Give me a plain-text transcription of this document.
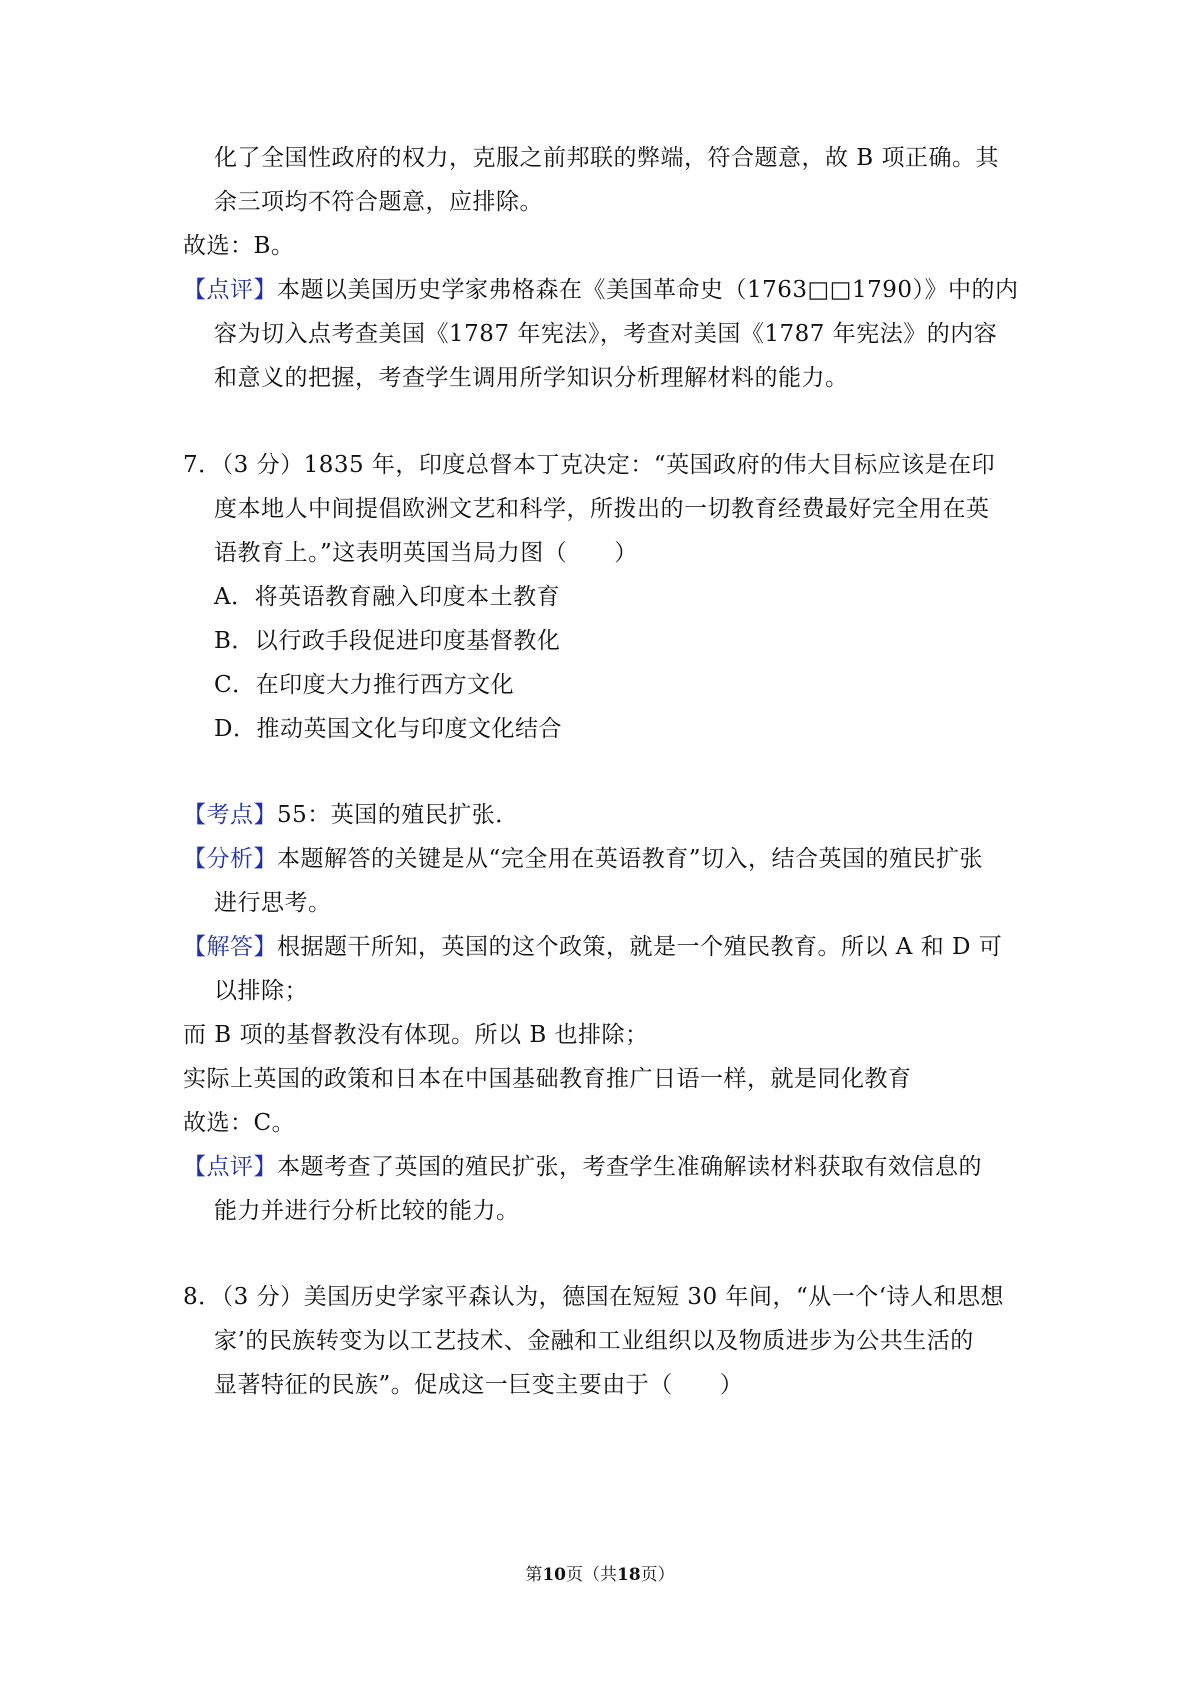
化了全国性政府的权力，克服之前邦联的弊端，符合题意，故 B 项正确。其
余三项均不符合题意，应排除。
故选：B。
【点评】本题以美国历史学家弗格森在《美国革命史（1763□□1790）》中的内
容为切入点考查美国《1787 年宪法》，考查对美国《1787 年宪法》的内容
和意义的把握，考查学生调用所学知识分析理解材料的能力。
7．（3 分）1835 年，印度总督本丁克决定：“英国政府的伟大目标应该是在印
度本地人中间提倡欧洲文艺和科学，所拨出的一切教育经费最好完全用在英
语教育上。”这表明英国当局力图（　　）
A．将英语教育融入印度本土教育
B．以行政手段促进印度基督教化
C．在印度大力推行西方文化
D．推动英国文化与印度文化结合
【考点】55：英国的殖民扩张．
【分析】本题解答的关键是从“完全用在英语教育”切入，结合英国的殖民扩张
进行思考。
【解答】根据题干所知，英国的这个政策，就是一个殖民教育。所以 A 和 D 可
以排除；
而 B 项的基督教没有体现。所以 B 也排除；
实际上英国的政策和日本在中国基础教育推广日语一样，就是同化教育
故选：C。
【点评】本题考查了英国的殖民扩张，考查学生准确解读材料获取有效信息的
能力并进行分析比较的能力。
8．（3 分）美国历史学家平森认为，德国在短短 30 年间，“从一个‘诗人和思想
家’的民族转变为以工艺技术、金融和工业组织以及物质进步为公共生活的
显著特征的民族”。促成这一巨变主要由于（　　）
第10页（共18页）
